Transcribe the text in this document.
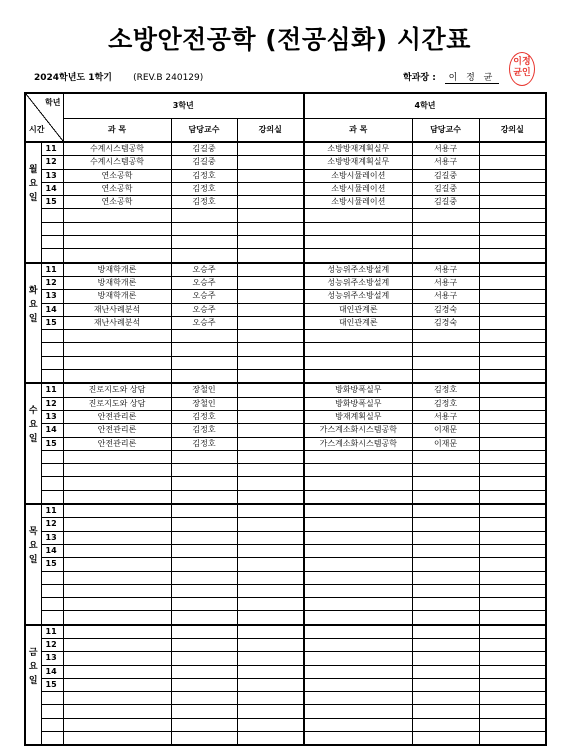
소방안전공학 (전공심화) 시간표
2024학년도 1학기 (REV.B 240129)	학과장 : 이 정 균
이정
균인
학년
시간		3학년			4학년		
		과 목	담당교수	강의실	과 목	담당교수	강의실

월요일	11	수계시스템공학	김길중		소방방재계획실무	서용구	
	12	수계시스템공학	김길중		소방방재계획실무	서용구	
	13	연소공학	김정호		소방시뮬레이션	김길중	
	14	연소공학	김정호		소방시뮬레이션	김길중	
	15	연소공학	김정호		소방시뮬레이션	김길중	

화요일	11	방재학개론	오승주		성능위주소방설계	서용구	
	12	방재학개론	오승주		성능위주소방설계	서용구	
	13	방재학개론	오승주		성능위주소방설계	서용구	
	14	재난사례분석	오승주		대인관계론	김경숙	
	15	재난사례분석	오승주		대인관계론	김경숙	

수요일	11	진로지도와 상담	장철인		방화방폭실무	김정호	
	12	진로지도와 상담	장철인		방화방폭실무	김정호	
	13	안전관리론	김정호		방재계획실무	서용구	
	14	안전관리론	김정호		가스계소화시스템공학	이재문	
	15	안전관리론	김정호		가스계소화시스템공학	이재문	

목요일	11						
	12						
	13						
	14						
	15						

금요일	11						
	12						
	13						
	14						
	15						
